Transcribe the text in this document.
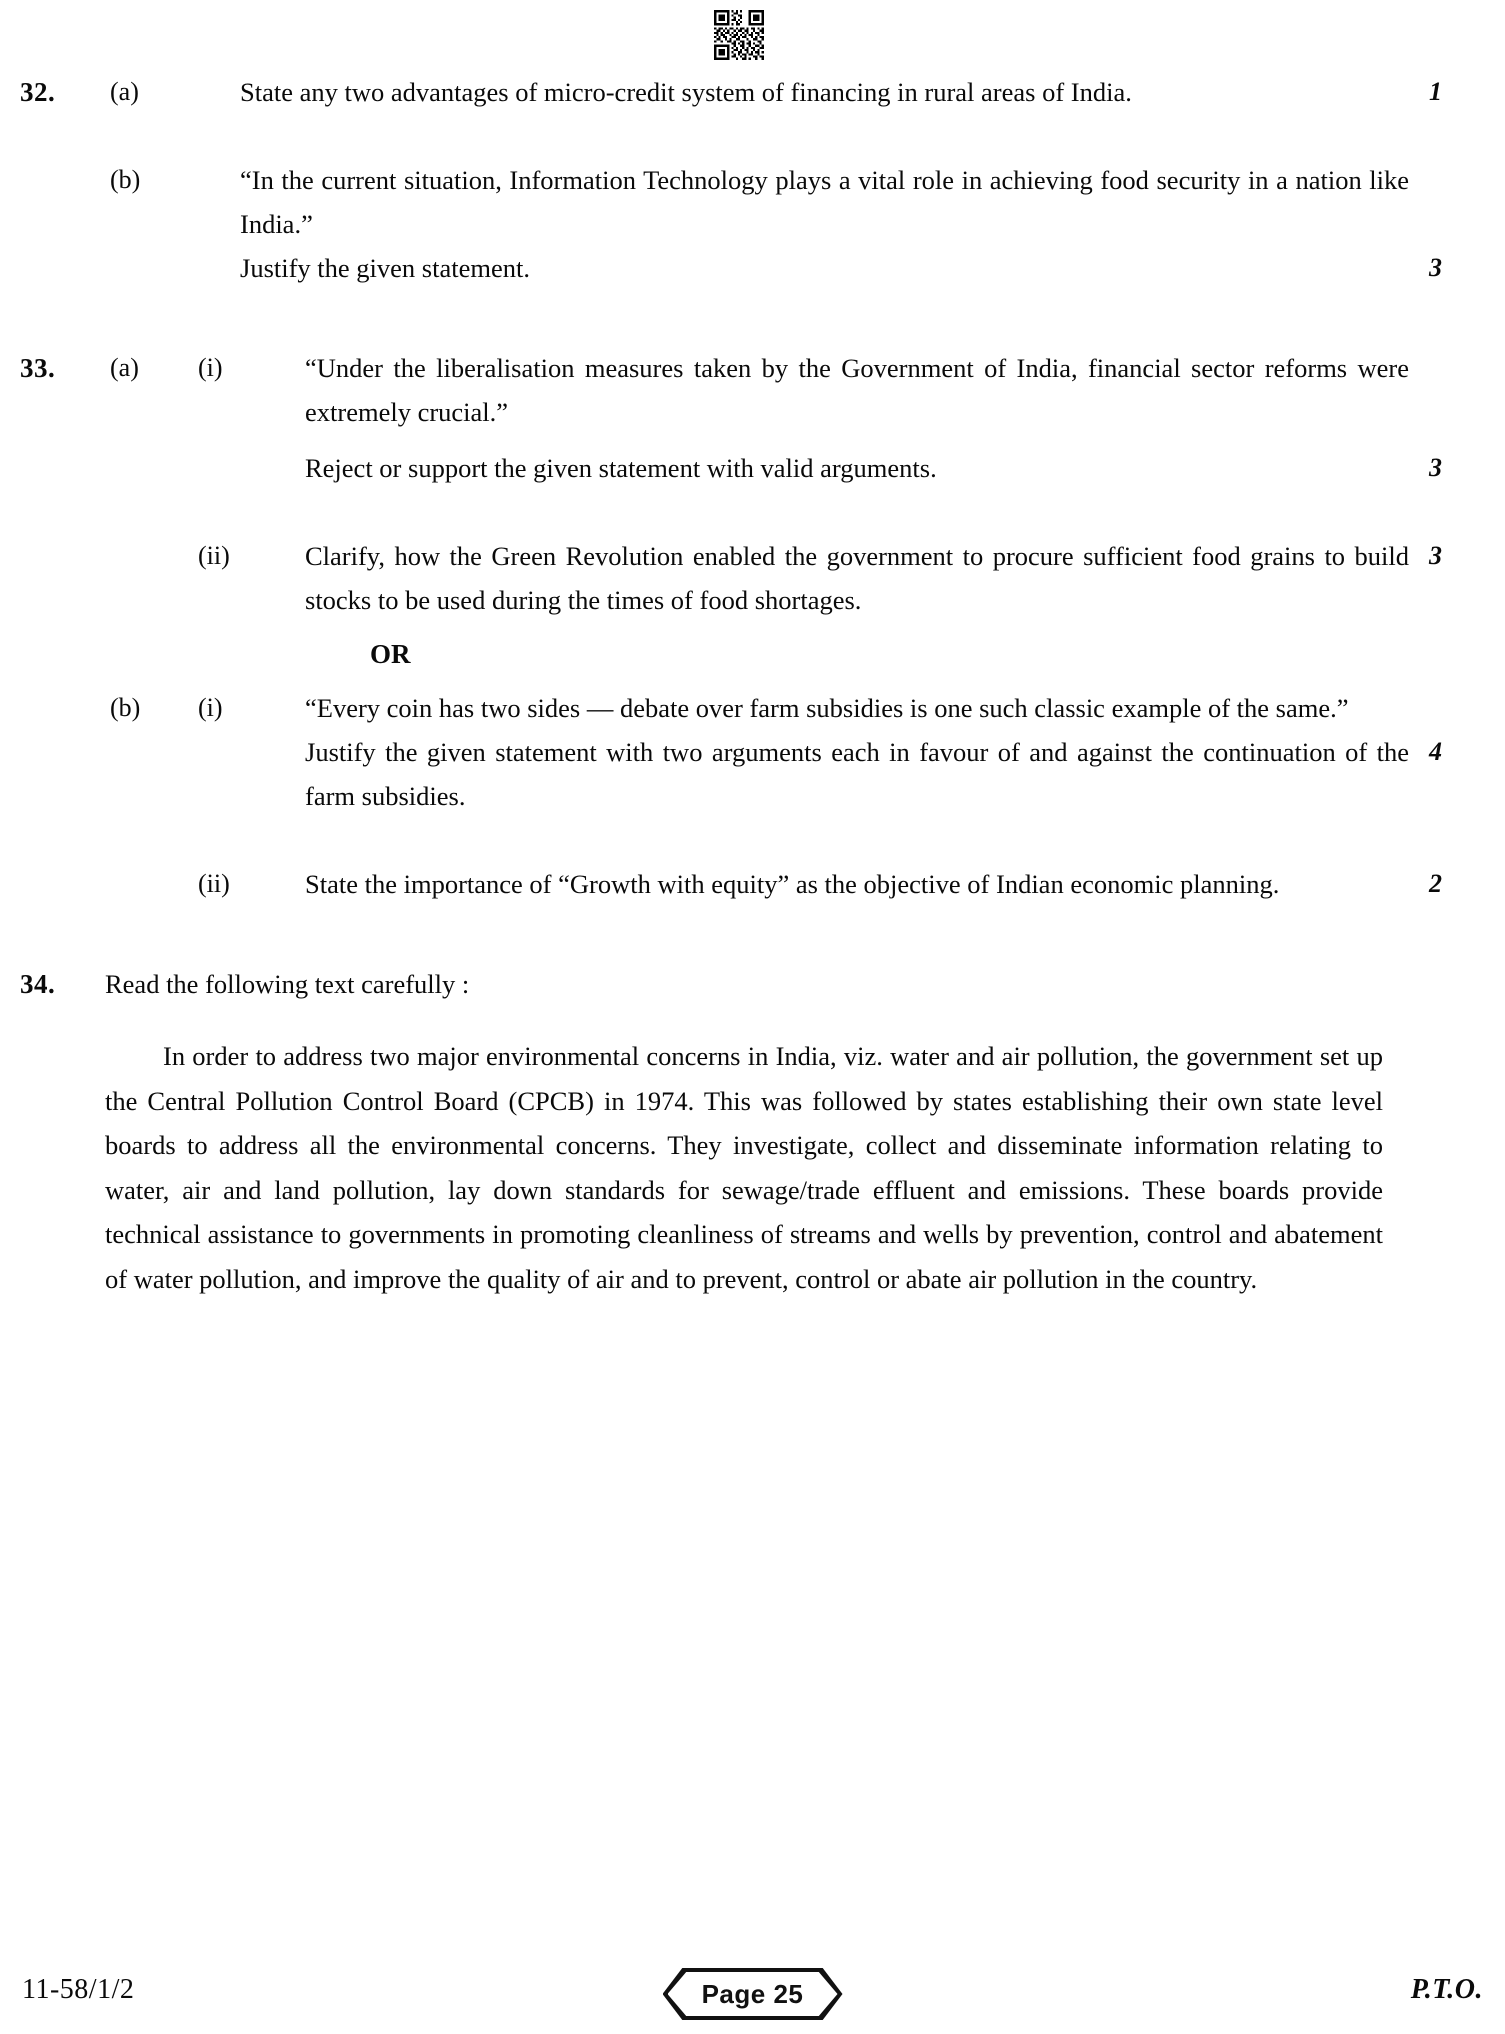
32.	(a)	State any two advantages of micro-credit system of financing in rural areas of India.	1
(b)	“In the current situation, Information Technology plays a vital role in achieving food security in a nation like India.”
Justify the given statement.	3
33.	(a)	(i)	“Under the liberalisation measures taken by the Government of India, financial sector reforms were extremely crucial.”
Reject or support the given statement with valid arguments.	3
(ii)	Clarify, how the Green Revolution enabled the government to procure sufficient food grains to build stocks to be used during the times of food shortages.
3
OR
(b)	(i)	“Every coin has two sides — debate over farm subsidies is one such classic example of the same.”
Justify the given statement with two arguments each in favour of and against the continuation of the farm subsidies.
4
(ii)	State the importance of “Growth with equity” as the objective of Indian economic planning.	2
34.	Read the following text carefully :
In order to address two major environmental concerns in India, viz. water and air pollution, the government set up the Central Pollution Control Board (CPCB) in 1974. This was followed by states establishing their own state level boards to address all the environmental concerns. They investigate, collect and disseminate information relating to water, air and land pollution, lay down standards for sewage/trade effluent and emissions. These boards provide technical assistance to governments in promoting cleanliness of streams and wells by prevention, control and abatement of water pollution, and improve the quality of air and to prevent, control or abate air pollution in the country.
11-58/1/2	Page 25	P.T.O.
